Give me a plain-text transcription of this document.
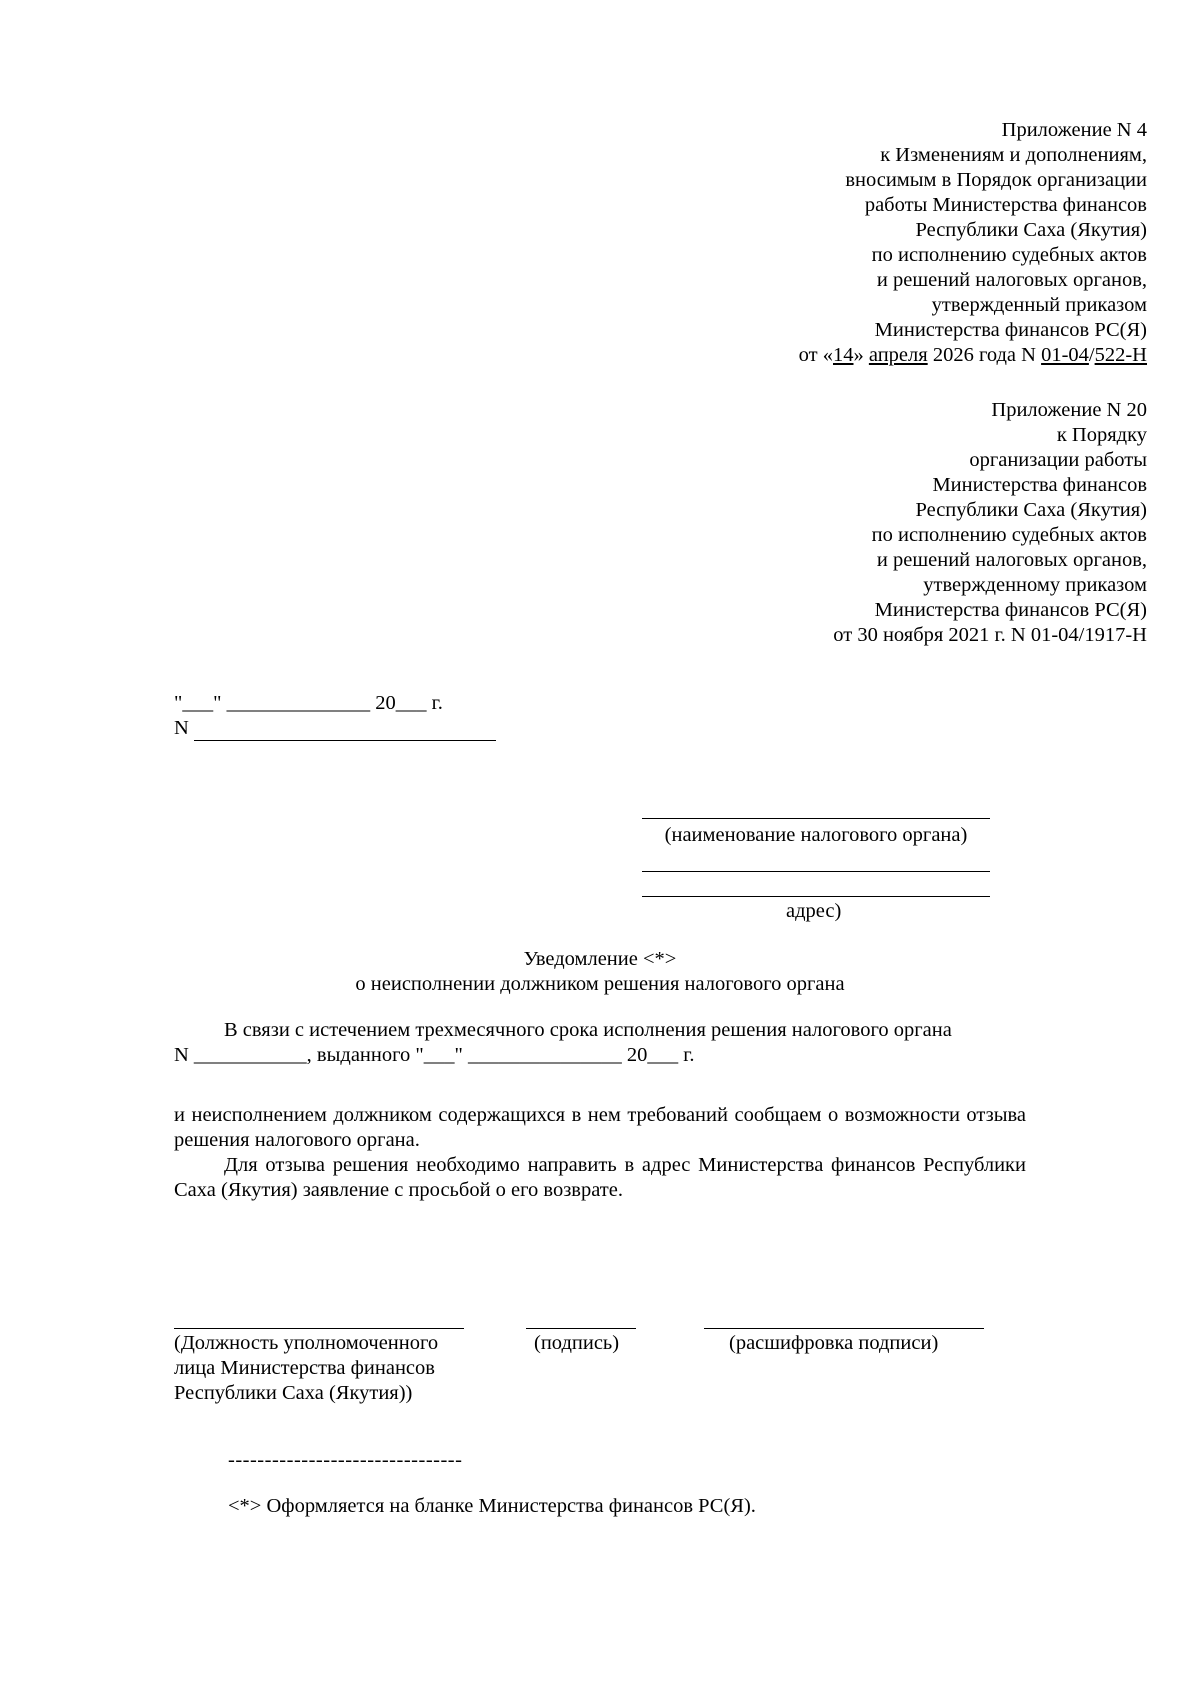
Приложение N 4
к Изменениям и дополнениям,
вносимым в Порядок организации
работы Министерства финансов
Республики Саха (Якутия)
по исполнению судебных актов
и решений налоговых органов,
утвержденный приказом
Министерства финансов РС(Я)
от «14» апреля 2026 года N 01-04/522-Н
Приложение N 20
к Порядку
организации работы
Министерства финансов
Республики Саха (Якутия)
по исполнению судебных актов
и решений налоговых органов,
утвержденному приказом
Министерства финансов РС(Я)
от 30 ноября 2021 г. N 01-04/1917-Н
"___" ______________ 20___ г.
N
(наименование налогового органа)
адрес)
Уведомление <*>
о неисполнении должником решения налогового органа
В связи с истечением трехмесячного срока исполнения решения налогового органа
N ___________, выданного "___" _______________ 20___ г.
и неисполнением должником содержащихся в нем требований сообщаем о возможности отзыва решения налогового органа.
Для отзыва решения необходимо направить в адрес Министерства финансов Республики Саха (Якутия) заявление с просьбой о его возврате.
(Должность уполномоченного
лица Министерства финансов
Республики Саха (Якутия))
(подпись)	(расшифровка подписи)
--------------------------------
<*> Оформляется на бланке Министерства финансов РС(Я).
